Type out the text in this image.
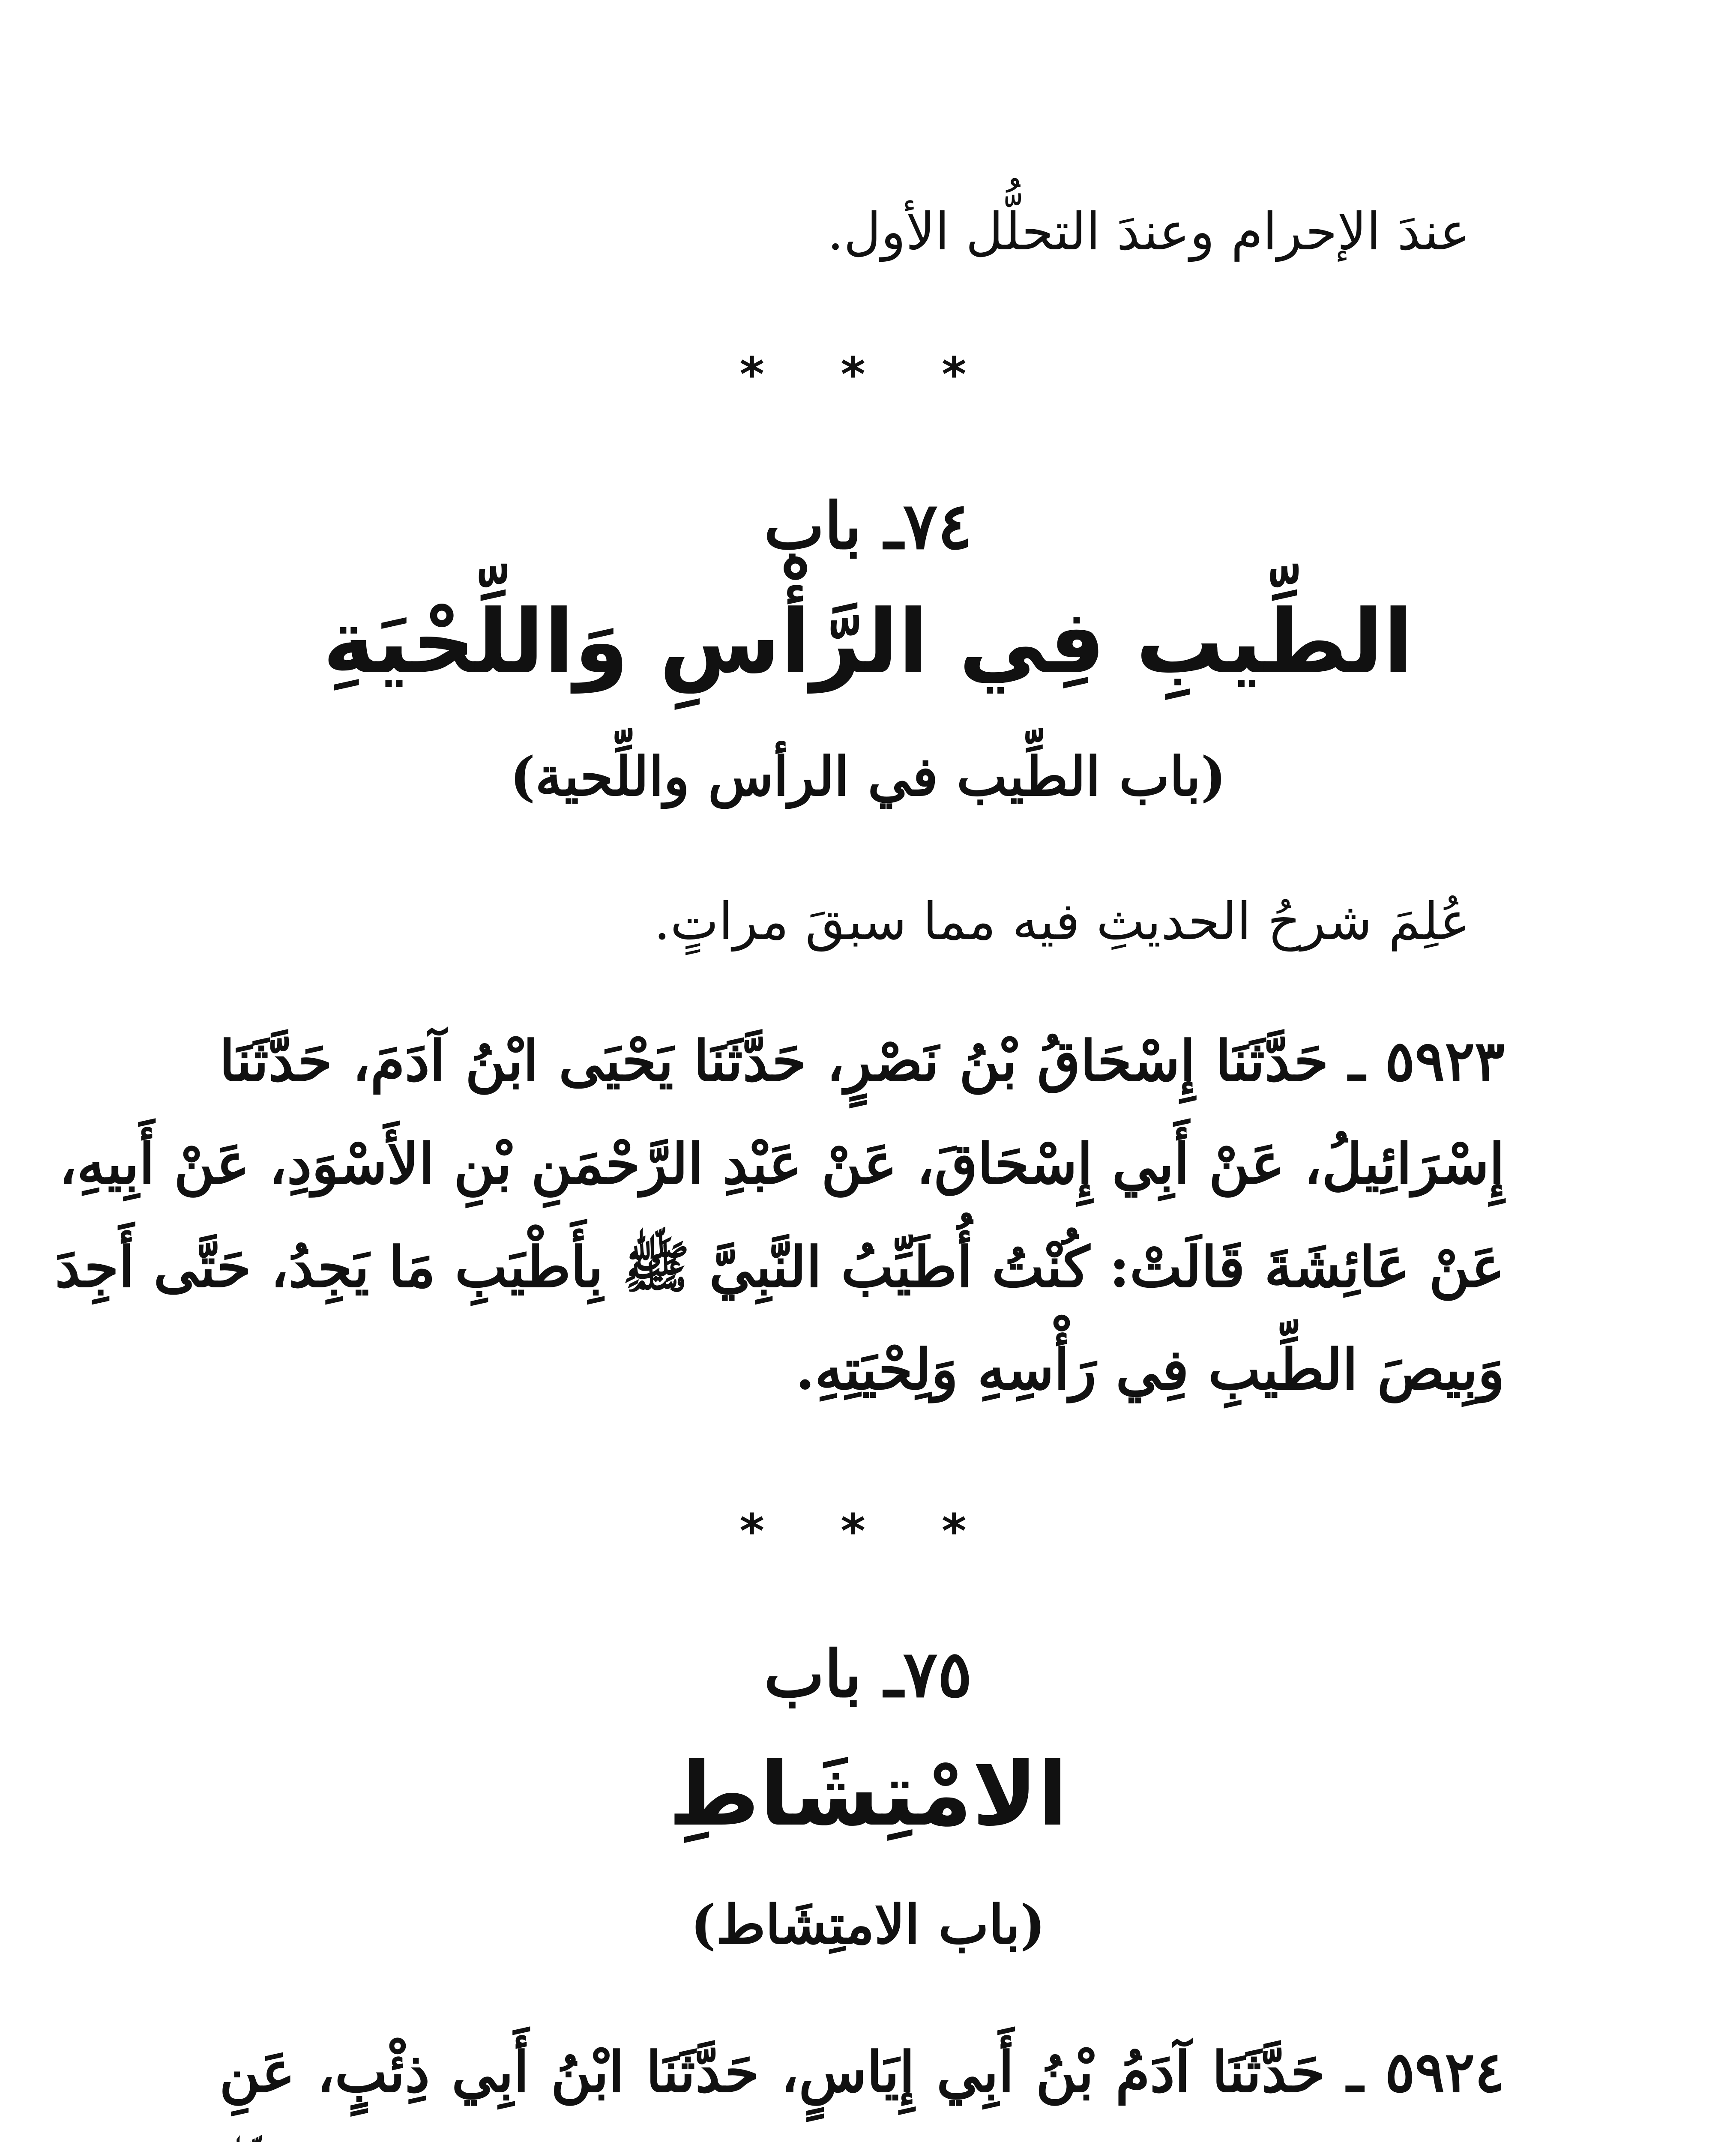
عندَ الإحرام وعندَ التحلُّل الأول.
* * *
٧٤ـ باب
الطِّيبِ فِي الرَّأْسِ وَاللِّحْيَةِ
(باب الطِّيب في الرأس واللِّحية)
عُلِمَ شرحُ الحديثِ فيه مما سبقَ مراتٍ.
٥٩٢٣ ـ حَدَّثَنَا إِسْحَاقُ بْنُ نَصْرٍ، حَدَّثَنَا يَحْيَى ابْنُ آدَمَ، حَدَّثَنَا
إِسْرَائِيلُ، عَنْ أَبِي إِسْحَاقَ، عَنْ عَبْدِ الرَّحْمَنِ بْنِ الأَسْوَدِ، عَنْ أَبِيهِ،
عَنْ عَائِشَةَ قَالَتْ: كُنْتُ أُطَيِّبُ النَّبِيَّ ﷺ بِأَطْيَبِ مَا يَجِدُ، حَتَّى أَجِدَ
وَبِيصَ الطِّيبِ فِي رَأْسِهِ وَلِحْيَتِهِ.
* * *
٧٥ـ باب
الامْتِشَاطِ
(باب الامتِشَاط)
٥٩٢٤ ـ حَدَّثَنَا آدَمُ بْنُ أَبِي إِيَاسٍ، حَدَّثَنَا ابْنُ أَبِي ذِئْبٍ، عَنِ
